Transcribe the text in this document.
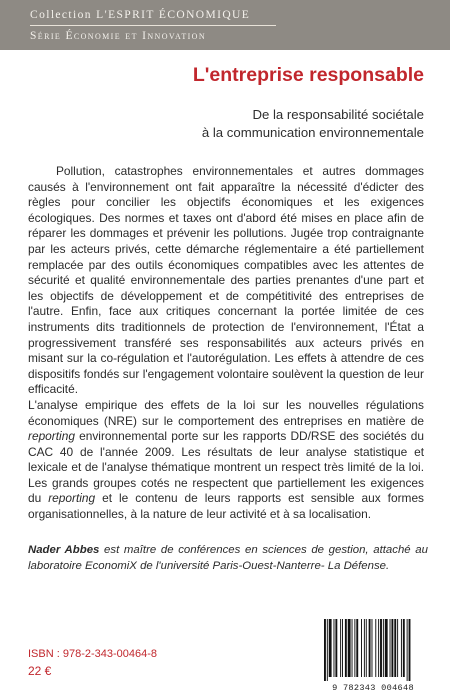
Collection L'ESPRIT ÉCONOMIQUE
Série Économie et Innovation
L'entreprise responsable
De la responsabilité sociétale
à la communication environnementale

Pollution, catastrophes environnementales et autres dommages causés à l'environnement ont fait apparaître la nécessité d'édicter des règles pour concilier les objectifs économiques et les exigences écologiques. Des normes et taxes ont d'abord été mises en place afin de réparer les dommages et prévenir les pollutions. Jugée trop contraignante par les acteurs privés, cette démarche réglementaire a été partiellement remplacée par des outils économiques compatibles avec les attentes de sécurité et qualité environnementale des parties prenantes d'une part et les objectifs de développement et de compétitivité des entreprises de l'autre. Enfin, face aux critiques concernant la portée limitée de ces instruments dits traditionnels de protection de l'environnement, l'État a progressivement transféré ses responsabilités aux acteurs privés en misant sur la co-régulation et l'autorégulation. Les effets à attendre de ces dispositifs fondés sur l'engagement volontaire soulèvent la question de leur efficacité.

L'analyse empirique des effets de la loi sur les nouvelles régulations économiques (NRE) sur le comportement des entreprises en matière de reporting environnemental porte sur les rapports DD/RSE des sociétés du CAC 40 de l'année 2009. Les résultats de leur analyse statistique et lexicale et de l'analyse thématique montrent un respect très limité de la loi. Les grands groupes cotés ne respectent que partiellement les exigences du reporting et le contenu de leurs rapports est sensible aux formes organisationnelles, à la nature de leur activité et à sa localisation.

Nader Abbes est maître de conférences en sciences de gestion, attaché au laboratoire EconomiX de l'université Paris-Ouest-Nanterre- La Défense.
ISBN : 978-2-343-00464-8
22 €
9 782343 004648
